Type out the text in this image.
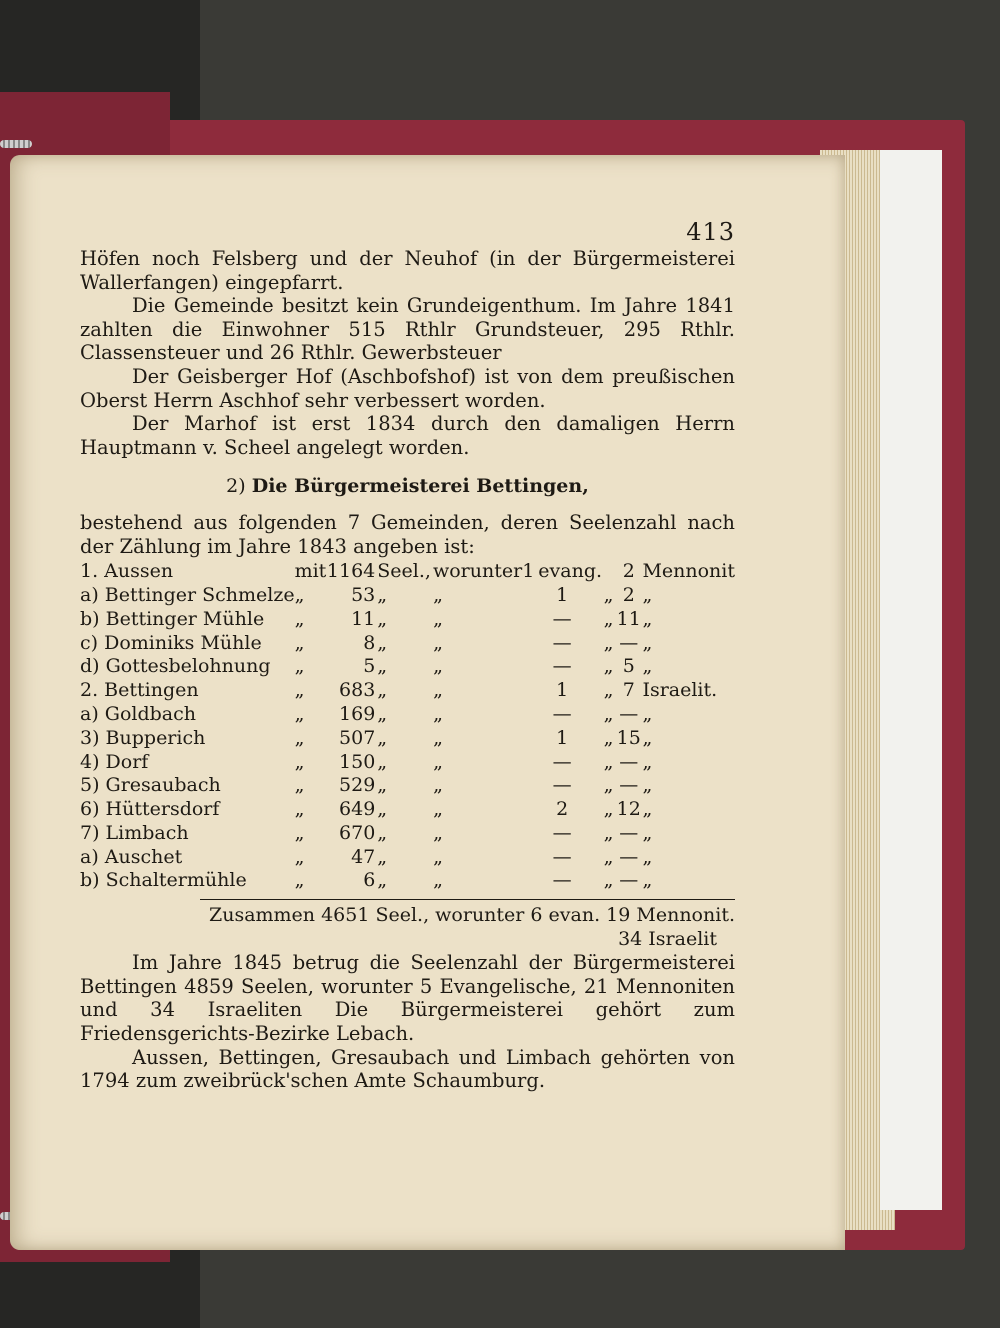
413

Höfen noch Felsberg und der Neuhof (in der Bürgermeisterei Wallerfangen) eingepfarrt.

Die Gemeinde besitzt kein Grundeigenthum. Im Jahre 1841 zahlten die Einwohner 515 Rthlr Grundsteuer, 295 Rthlr. Classensteuer und 26 Rthlr. Gewerbsteuer

Der Geisberger Hof (Aschbofshof) ist von dem preußischen Oberst Herrn Aschhof sehr verbessert worden.

Der Marhof ist erst 1834 durch den damaligen Herrn Hauptmann v. Scheel angelegt worden.

2) Die Bürgermeisterei Bettingen,

bestehend aus folgenden 7 Gemeinden, deren Seelenzahl nach der Zählung im Jahre 1843 angeben ist:

1. Aussen	mit	1164	Seel., worunter	1 evang.		2	Mennonit
a) Bettinger Schmelze	„	53	„ „	1	„	2	„
b) Bettinger Mühle	„	11	„ „	—	„	11	„
c) Dominiks Mühle	„	8	„ „	—	„	—	„
d) Gottesbelohnung	„	5	„ „	—	„	5	„
2. Bettingen	„	683	„ „	1	„	7	Israelit.
a) Goldbach	„	169	„ „	—	„	—	„
3) Bupperich	„	507	„ „	1	„	15	„
4) Dorf	„	150	„ „	—	„	—	„
5) Gresaubach	„	529	„ „	—	„	—	„
6) Hüttersdorf	„	649	„ „	2	„	12	„
7) Limbach	„	670	„ „	—	„	—	„
a) Auschet	„	47	„ „	—	„	—	„
b) Schaltermühle	„	6	„ „	—	„	—	„
Zusammen 4651 Seel., worunter 6 evan. 19 Mennonit.
34 Israelit

Im Jahre 1845 betrug die Seelenzahl der Bürgermeisterei Bettingen 4859 Seelen, worunter 5 Evangelische, 21 Mennoniten und 34 Israeliten Die Bürgermeisterei gehört zum Friedensgerichts-Bezirke Lebach.

Aussen, Bettingen, Gresaubach und Limbach gehörten von 1794 zum zweibrück'schen Amte Schaumburg.
